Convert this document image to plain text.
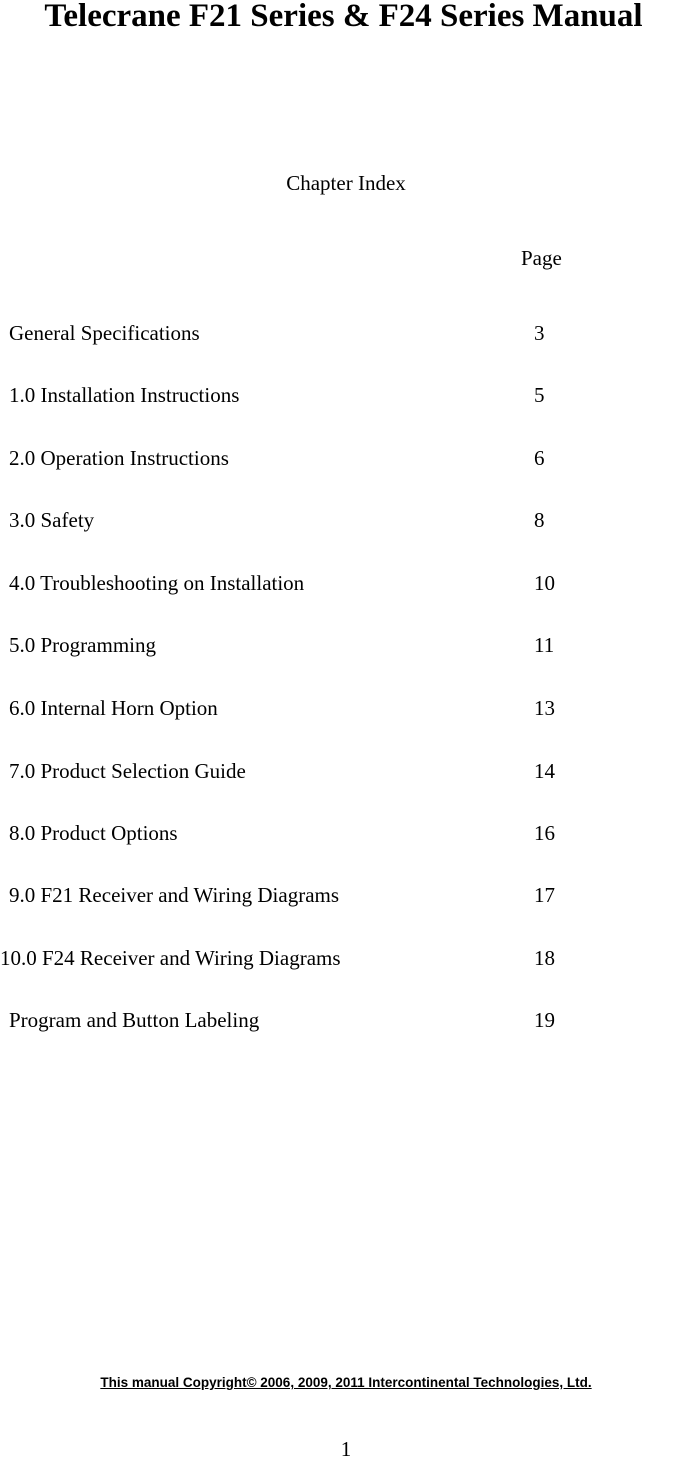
Telecrane F21 Series & F24 Series Manual
Chapter Index
Page
General Specifications	3
1.0 Installation Instructions	5
2.0 Operation Instructions	6
3.0 Safety	8
4.0 Troubleshooting on Installation	10
5.0 Programming	11
6.0 Internal Horn Option	13
7.0 Product Selection Guide	14
8.0 Product Options	16
9.0 F21 Receiver and Wiring Diagrams	17
10.0 F24 Receiver and Wiring Diagrams	18
Program and Button Labeling	19
This manual Copyright© 2006, 2009, 2011 Intercontinental Technologies, Ltd.
1
